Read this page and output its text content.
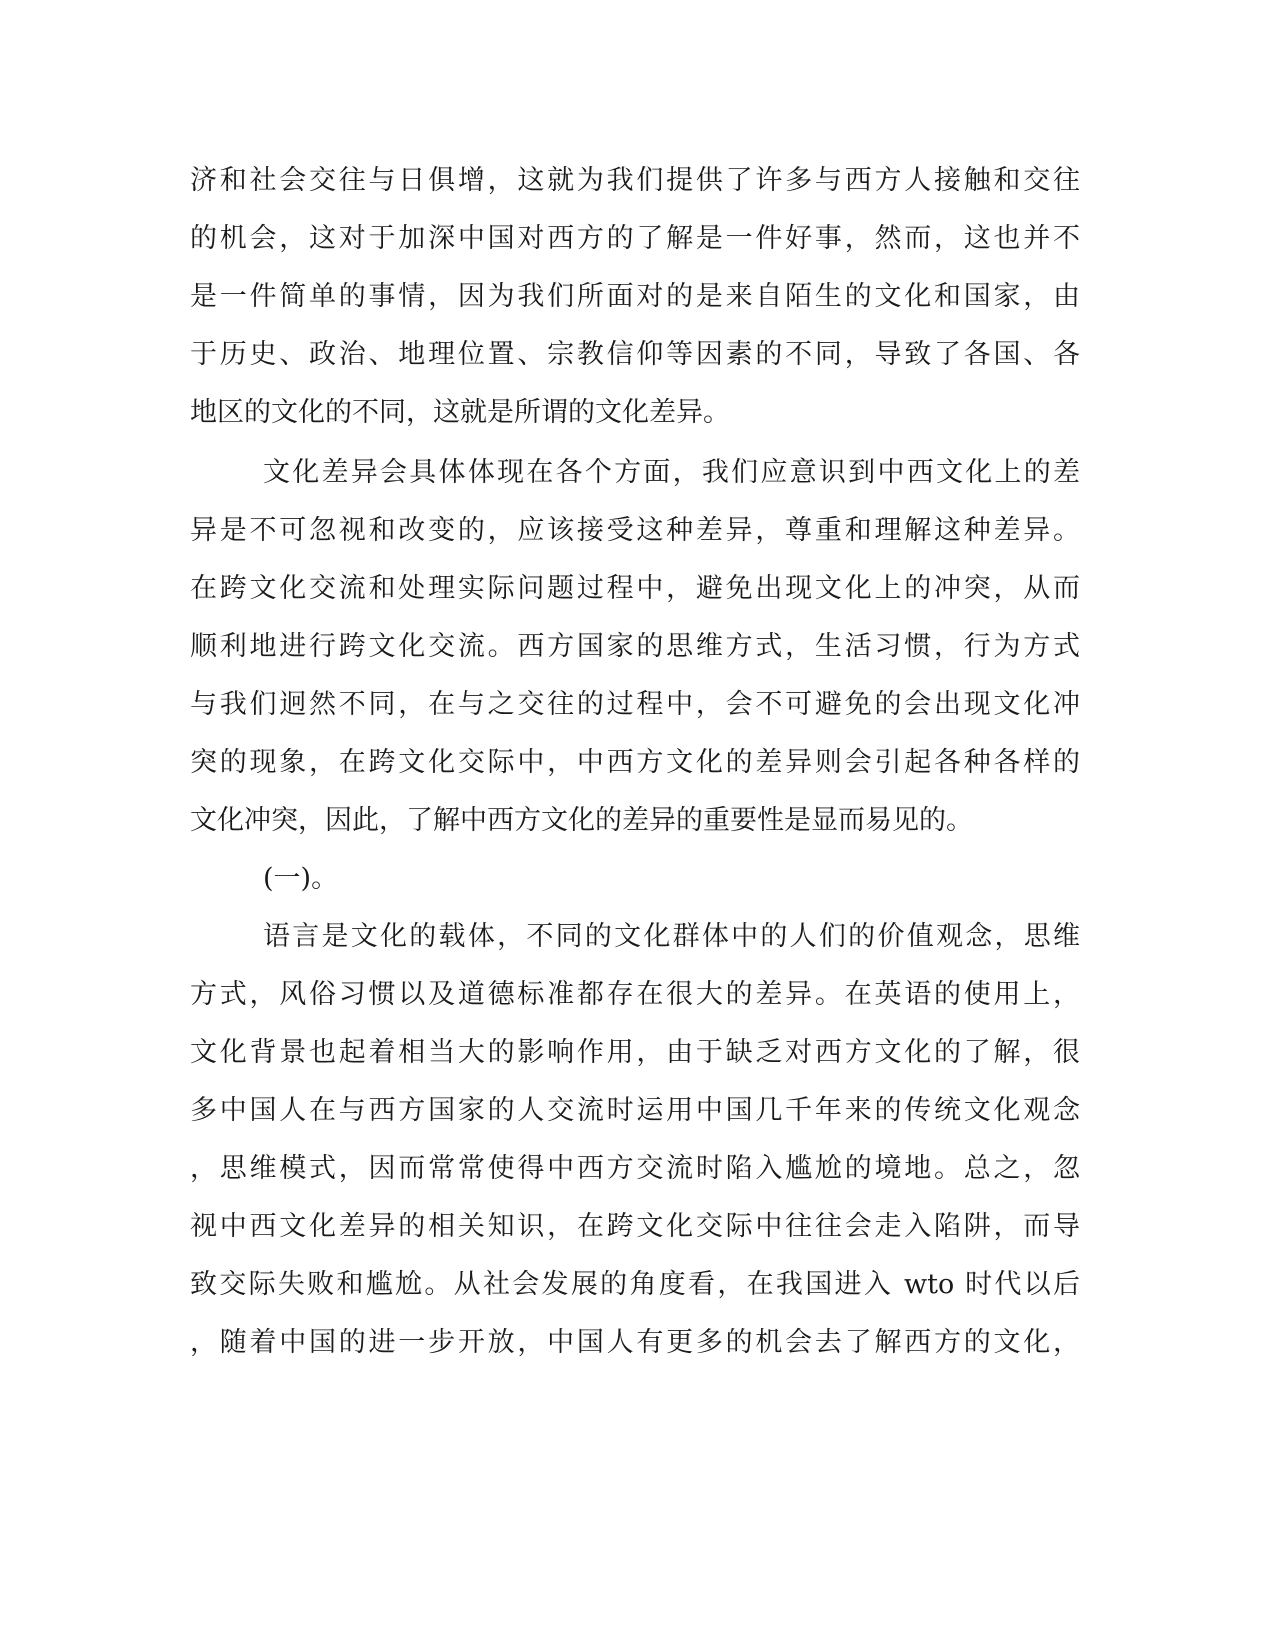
济和社会交往与日俱增，这就为我们提供了许多与西方人接触和交往
的机会，这对于加深中国对西方的了解是一件好事，然而，这也并不
是一件简单的事情，因为我们所面对的是来自陌生的文化和国家，由
于历史、政治、地理位置、宗教信仰等因素的不同，导致了各国、各
地区的文化的不同，这就是所谓的文化差异。
文化差异会具体体现在各个方面，我们应意识到中西文化上的差
异是不可忽视和改变的，应该接受这种差异，尊重和理解这种差异。
在跨文化交流和处理实际问题过程中，避免出现文化上的冲突，从而
顺利地进行跨文化交流。西方国家的思维方式，生活习惯，行为方式
与我们迥然不同，在与之交往的过程中，会不可避免的会出现文化冲
突的现象，在跨文化交际中，中西方文化的差异则会引起各种各样的
文化冲突，因此，了解中西方文化的差异的重要性是显而易见的。
(一)。
语言是文化的载体，不同的文化群体中的人们的价值观念，思维
方式，风俗习惯以及道德标准都存在很大的差异。在英语的使用上，
文化背景也起着相当大的影响作用，由于缺乏对西方文化的了解，很
多中国人在与西方国家的人交流时运用中国几千年来的传统文化观念
，思维模式，因而常常使得中西方交流时陷入尴尬的境地。总之，忽
视中西文化差异的相关知识，在跨文化交际中往往会走入陷阱，而导
致交际失败和尴尬。从社会发展的角度看，在我国进入 wto 时代以后
，随着中国的进一步开放，中国人有更多的机会去了解西方的文化，
